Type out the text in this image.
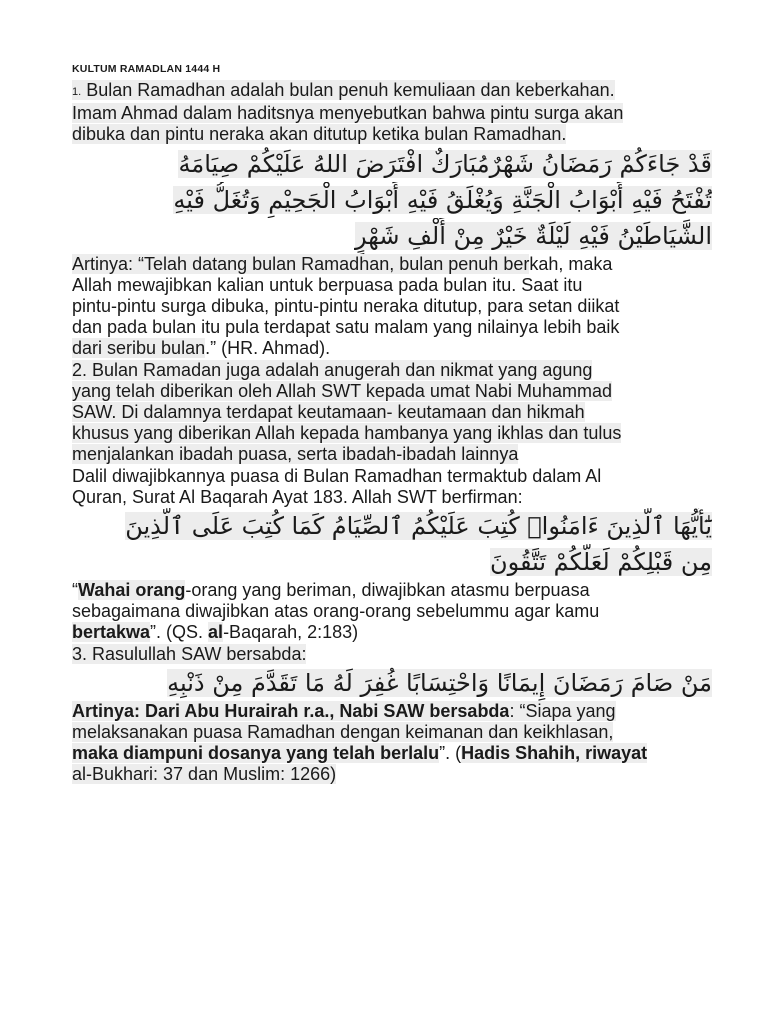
KULTUM RAMADLAN 1444 H
1. Bulan Ramadhan adalah bulan penuh kemuliaan dan keberkahan.
Imam Ahmad dalam haditsnya menyebutkan bahwa pintu surga akan
dibuka dan pintu neraka akan ditutup ketika bulan Ramadhan.
قَدْ جَاءَكُمْ رَمَضَانُ شَهْرٌمُبَارَكٌ افْتَرَضَ اللهُ عَلَيْكُمْ صِيَامَهُ
تُفْتَحُ فَيْهِ أَبْوَابُ الْجَنَّةِ وَيُغْلَقُ فَيْهِ أَبْوَابُ الْجَحِيْمِ وَتُغَلُّ فَيْهِ
الشَّيَاطَيْنُ فَيْهِ لَيْلَةٌ خَيْرٌ مِنْ أَلْفِ شَهْرٍ
Artinya: “Telah datang bulan Ramadhan, bulan penuh berkah, maka
Allah mewajibkan kalian untuk berpuasa pada bulan itu. Saat itu
pintu-pintu surga dibuka, pintu-pintu neraka ditutup, para setan diikat
dan pada bulan itu pula terdapat satu malam yang nilainya lebih baik
dari seribu bulan.” (HR. Ahmad).
2. Bulan Ramadan juga adalah anugerah dan nikmat yang agung
yang telah diberikan oleh Allah SWT kepada umat Nabi Muhammad
SAW. Di dalamnya terdapat keutamaan- keutamaan dan hikmah
khusus yang diberikan Allah kepada hambanya yang ikhlas dan tulus
menjalankan ibadah puasa, serta ibadah-ibadah lainnya
Dalil diwajibkannya puasa di Bulan Ramadhan termaktub dalam Al
Quran, Surat Al Baqarah Ayat 183. Allah SWT berfirman:
يَٰٓأَيُّهَا ٱلَّذِينَ ءَامَنُوا۟ كُتِبَ عَلَيْكُمُ ٱلصِّيَامُ كَمَا كُتِبَ عَلَى ٱلَّذِينَ
مِن قَبْلِكُمْ لَعَلَّكُمْ تَتَّقُونَ
“Wahai orang-orang yang beriman, diwajibkan atasmu berpuasa
sebagaimana diwajibkan atas orang-orang sebelummu agar kamu
bertakwa”. (QS. al-Baqarah, 2:183)
3. Rasulullah SAW bersabda:
مَنْ صَامَ رَمَضَانَ إِيمَانًا وَاحْتِسَابًا غُفِرَ لَهُ مَا تَقَدَّمَ مِنْ ذَنْبِهِ
Artinya: Dari Abu Hurairah r.a., Nabi SAW bersabda: “Siapa yang
melaksanakan puasa Ramadhan dengan keimanan dan keikhlasan,
maka diampuni dosanya yang telah berlalu”. (Hadis Shahih, riwayat
al-Bukhari: 37 dan Muslim: 1266)
